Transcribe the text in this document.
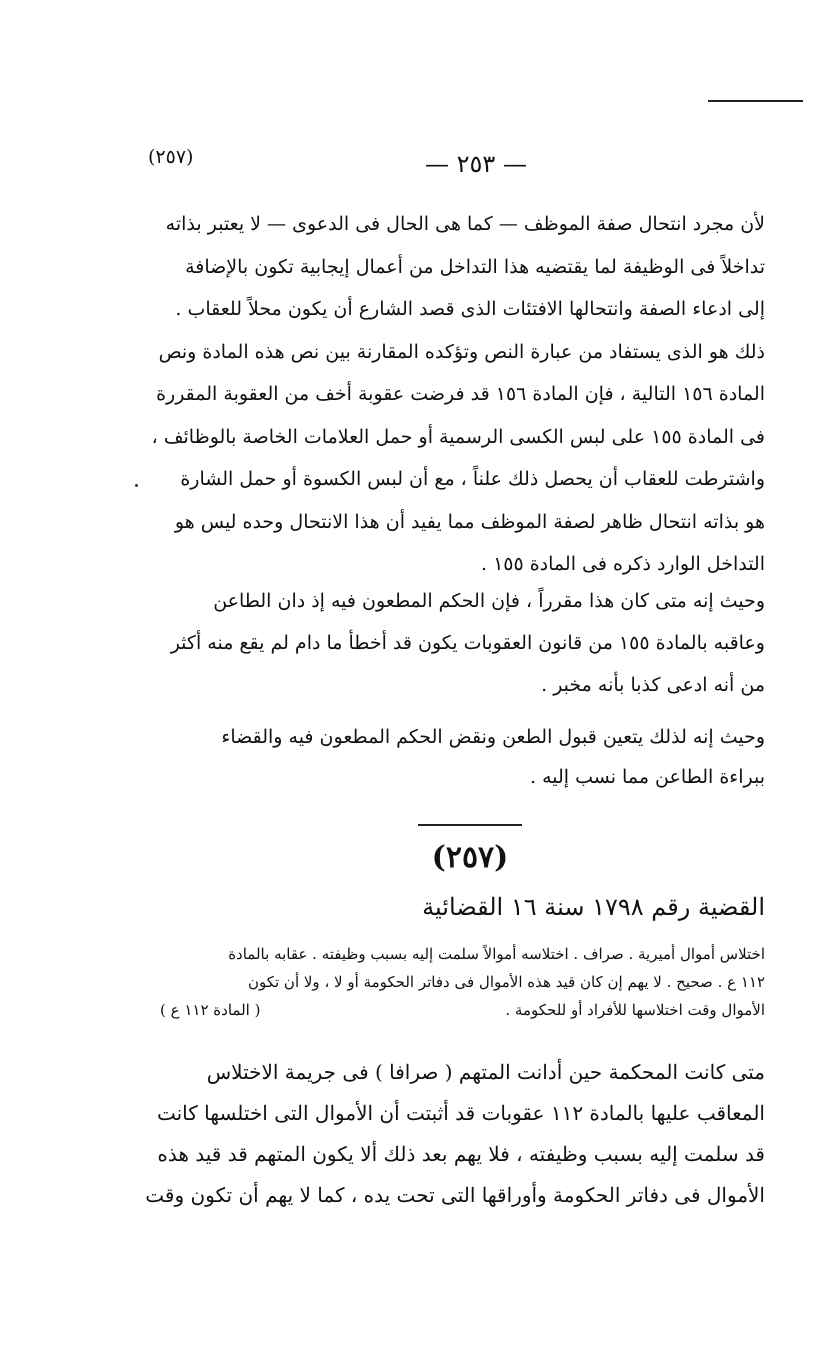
(٢٥٧)	— ٢٥٣ —
لأن مجرد انتحال صفة الموظف — كما هى الحال فى الدعوى — لا يعتبر بذاته
تداخلاً فى الوظيفة لما يقتضيه هذا التداخل من أعمال إيجابية تكون بالإضافة
إلى ادعاء الصفة وانتحالها الافتئات الذى قصد الشارع أن يكون محلاً للعقاب .
ذلك هو الذى يستفاد من عبارة النص وتؤكده المقارنة بين نص هذه المادة ونص
المادة ١٥٦ التالية ، فإن المادة ١٥٦ قد فرضت عقوبة أخف من العقوبة المقررة
فى المادة ١٥٥ على لبس الكسى الرسمية أو حمل العلامات الخاصة بالوظائف ،
واشترطت للعقاب أن يحصل ذلك علناً ، مع أن لبس الكسوة أو حمل الشارة
هو بذاته انتحال ظاهر لصفة الموظف مما يفيد أن هذا الانتحال وحده ليس هو
التداخل الوارد ذكره فى المادة ١٥٥ .
وحيث إنه متى كان هذا مقرراً ، فإن الحكم المطعون فيه إذ دان الطاعن
وعاقبه بالمادة ١٥٥ من قانون العقوبات يكون قد أخطأ ما دام لم يقع منه أكثر
من أنه ادعى كذبا بأنه مخبر .
وحيث إنه لذلك يتعين قبول الطعن ونقض الحكم المطعون فيه والقضاء
ببراءة الطاعن مما نسب إليه .
(٢٥٧)
القضية رقم ١٧٩٨ سنة ١٦ القضائية
اختلاس أموال أميرية . صراف . اختلاسه أموالاً سلمت إليه بسبب وظيفته . عقابه بالمادة
١١٢ ع . صحيح . لا يهم إن كان قيد هذه الأموال فى دفاتر الحكومة أو لا ، ولا أن تكون
الأموال وقت اختلاسها للأفراد أو للحكومة .
( المادة ١١٢ ع )
متى كانت المحكمة حين أدانت المتهم ( صرافا ) فى جريمة الاختلاس
المعاقب عليها بالمادة ١١٢ عقوبات قد أثبتت أن الأموال التى اختلسها كانت
قد سلمت إليه بسبب وظيفته ، فلا يهم بعد ذلك ألا يكون المتهم قد قيد هذه
الأموال فى دفاتر الحكومة وأوراقها التى تحت يده ، كما لا يهم أن تكون وقت
